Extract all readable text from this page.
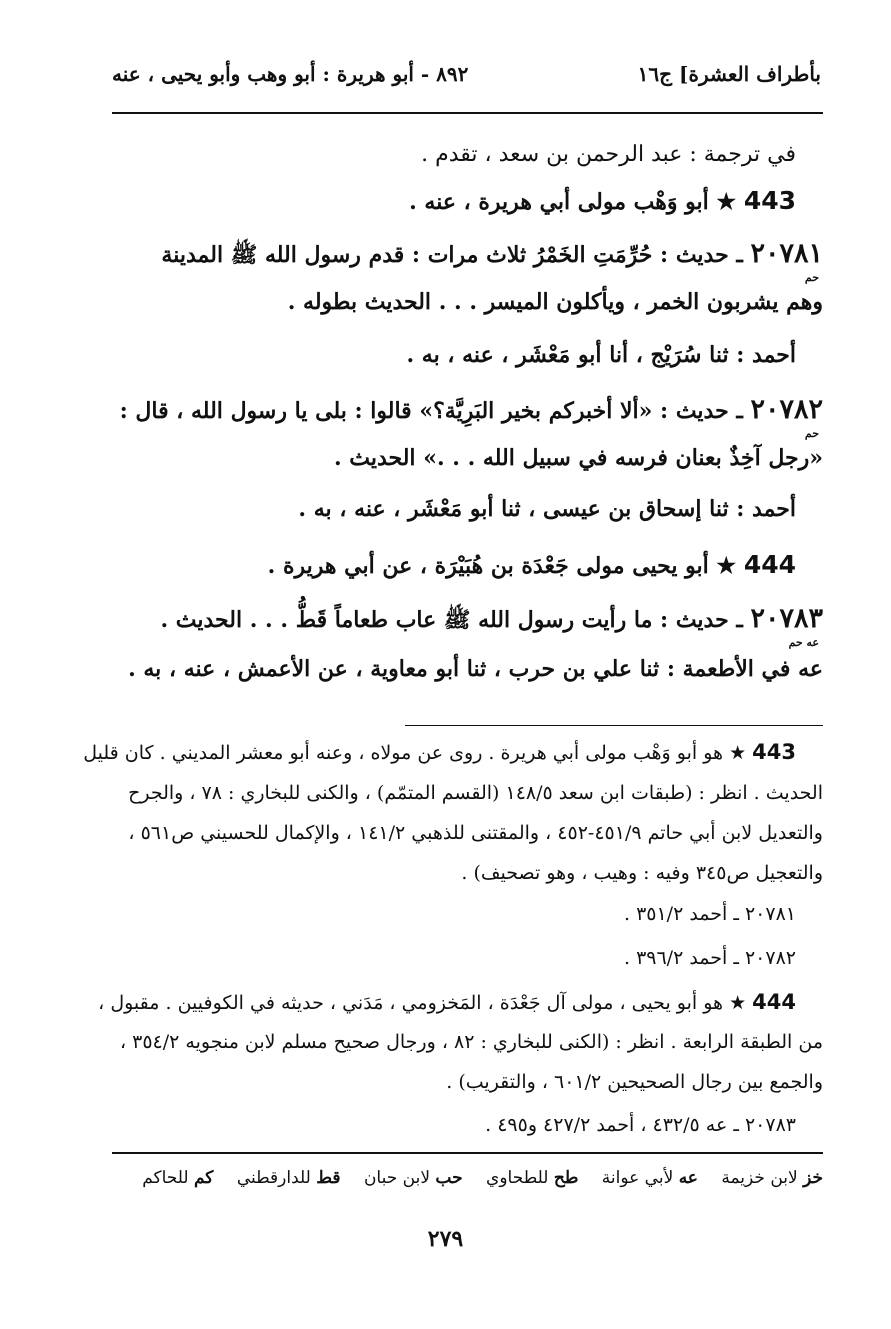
بأطراف العشرة] ج١٦
٨٩٢ - أبو هريرة : أبو وهب وأبو يحيى ، عنه
في ترجمة : عبد الرحمن بن سعد ، تقدم .
443 ★ أبو وَهْب مولى أبي هريرة ، عنه .
٢٠٧٨١ ـ حديث : حُرِّمَتِ الخَمْرُ ثلاث مرات : قدم رسول الله ﷺ المدينة
حم
وهم يشربون الخمر ، ويأكلون الميسر . . . الحديث بطوله .
أحمد : ثنا سُرَيْج ، أنا أبو مَعْشَر ، عنه ، به .
٢٠٧٨٢ ـ حديث : «ألا أخبركم بخير البَرِيَّة؟» قالوا : بلى يا رسول الله ، قال :
حم
«رجل آخِذٌ بعنان فرسه في سبيل الله . . .» الحديث .
أحمد : ثنا إسحاق بن عيسى ، ثنا أبو مَعْشَر ، عنه ، به .
444 ★ أبو يحيى مولى جَعْدَة بن هُبَيْرَة ، عن أبي هريرة .
٢٠٧٨٣ ـ حديث : ما رأيت رسول الله ﷺ عاب طعاماً قَطُّ . . . الحديث .
عه حم
عه في الأطعمة : ثنا علي بن حرب ، ثنا أبو معاوية ، عن الأعمش ، عنه ، به .
443 ★ هو أبو وَهْب مولى أبي هريرة . روى عن مولاه ، وعنه أبو معشر المديني . كان قليل
الحديث . انظر : (طبقات ابن سعد ١٤٨/٥ (القسم المتمّم) ، والكنى للبخاري : ٧٨ ، والجرح
والتعديل لابن أبي حاتم ٤٥١/٩-٤٥٢ ، والمقتنى للذهبي ١٤١/٢ ، والإكمال للحسيني ص٥٦١ ،
والتعجيل ص٣٤٥ وفيه : وهيب ، وهو تصحيف) .
٢٠٧٨١ ـ أحمد ٣٥١/٢ .
٢٠٧٨٢ ـ أحمد ٣٩٦/٢ .
444 ★ هو أبو يحيى ، مولى آل جَعْدَة ، المَخزومي ، مَدَني ، حديثه في الكوفيين . مقبول ،
من الطبقة الرابعة . انظر : (الكنى للبخاري : ٨٢ ، ورجال صحيح مسلم لابن منجويه ٣٥٤/٢ ،
والجمع بين رجال الصحيحين ٦٠١/٢ ، والتقريب) .
٢٠٧٨٣ ـ عه ٤٣٢/٥ ، أحمد ٤٢٧/٢ و٤٩٥ .
خز لابن خزيمة عه لأبي عوانة طح للطحاوي حب لابن حبان قط للدارقطني كم للحاكم
٢٧٩
